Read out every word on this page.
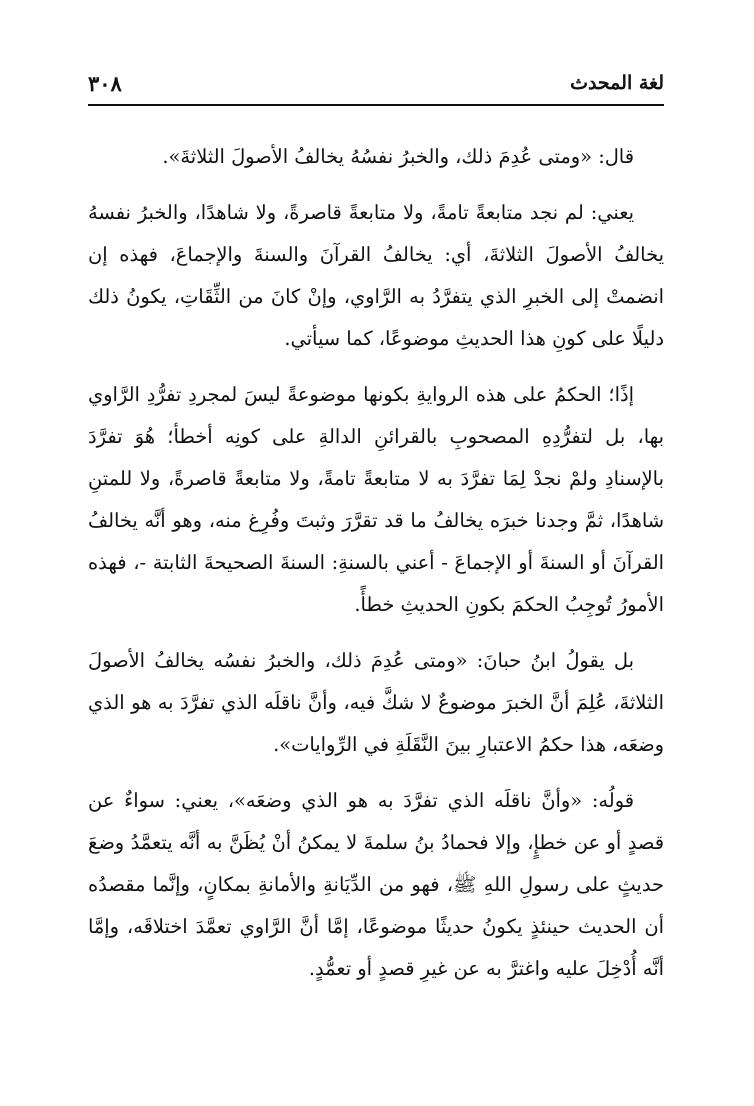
لغة المحدث
٣٠٨

قال: «ومتى عُدِمَ ذلك، والخبرُ نفسُهُ يخالفُ الأصولَ الثلاثةَ».

يعني: لم نجد متابعةً تامةً، ولا متابعةً قاصرةً، ولا شاهدًا، والخبرُ نفسهُ يخالفُ الأصولَ الثلاثةَ، أي: يخالفُ القرآنَ والسنةَ والإجماعَ، فهذه إن انضمتْ إلى الخبرِ الذي يتفرَّدُ به الرَّاوي، وإنْ كانَ من الثِّقَاتِ، يكونُ ذلك دليلًا على كونِ هذا الحديثِ موضوعًا، كما سيأتي.

إذًا؛ الحكمُ على هذه الروايةِ بكونها موضوعةً ليسَ لمجردِ تفرُّدِ الرَّاوي بها، بل لتفرُّدِهِ المصحوبِ بالقرائنِ الدالةِ على كونِه أخطأ؛ هُوَ تفرَّدَ بالإسنادِ ولمْ نجدْ لِمَا تفرَّدَ به لا متابعةً تامةً، ولا متابعةً قاصرةً، ولا للمتنِ شاهدًا، ثمَّ وجدنا خبرَه يخالفُ ما قد تقرَّرَ وثبتَ وفُرِغ منه، وهو أنَّه يخالفُ القرآنَ أو السنةَ أو الإجماعَ - أعني بالسنةِ: السنةَ الصحيحةَ الثابتة -، فهذه الأمورُ تُوجِبُ الحكمَ بكونِ الحديثِ خطأً.

بل يقولُ ابنُ حبانَ: «ومتى عُدِمَ ذلك، والخبرُ نفسُه يخالفُ الأصولَ الثلاثةَ، عُلِمَ أنَّ الخبرَ موضوعٌ لا شكَّ فيه، وأنَّ ناقلَه الذي تفرَّدَ به هو الذي وضعَه، هذا حكمُ الاعتبارِ بينَ النَّقَلَةِ في الرِّوايات».

قولُه: «وأنَّ ناقلَه الذي تفرَّدَ به هو الذي وضعَه»، يعني: سواءٌ عن قصدٍ أو عن خطإٍ، وإلا فحمادُ بنُ سلمةَ لا يمكنُ أنْ يُظَنَّ به أنَّه يتعمَّدُ وضعَ حديثٍ على رسولِ اللهِ ﷺ، فهو من الدِّيَانةِ والأمانةِ بمكانٍ، وإنَّما مقصدُه أن الحديث حينئذٍ يكونُ حديثًا موضوعًا، إمَّا أنَّ الرَّاوي تعمَّدَ اختلاقَه، وإمَّا أنَّه أُدْخِلَ عليه واغترَّ به عن غيرِ قصدٍ أو تعمُّدٍ.
